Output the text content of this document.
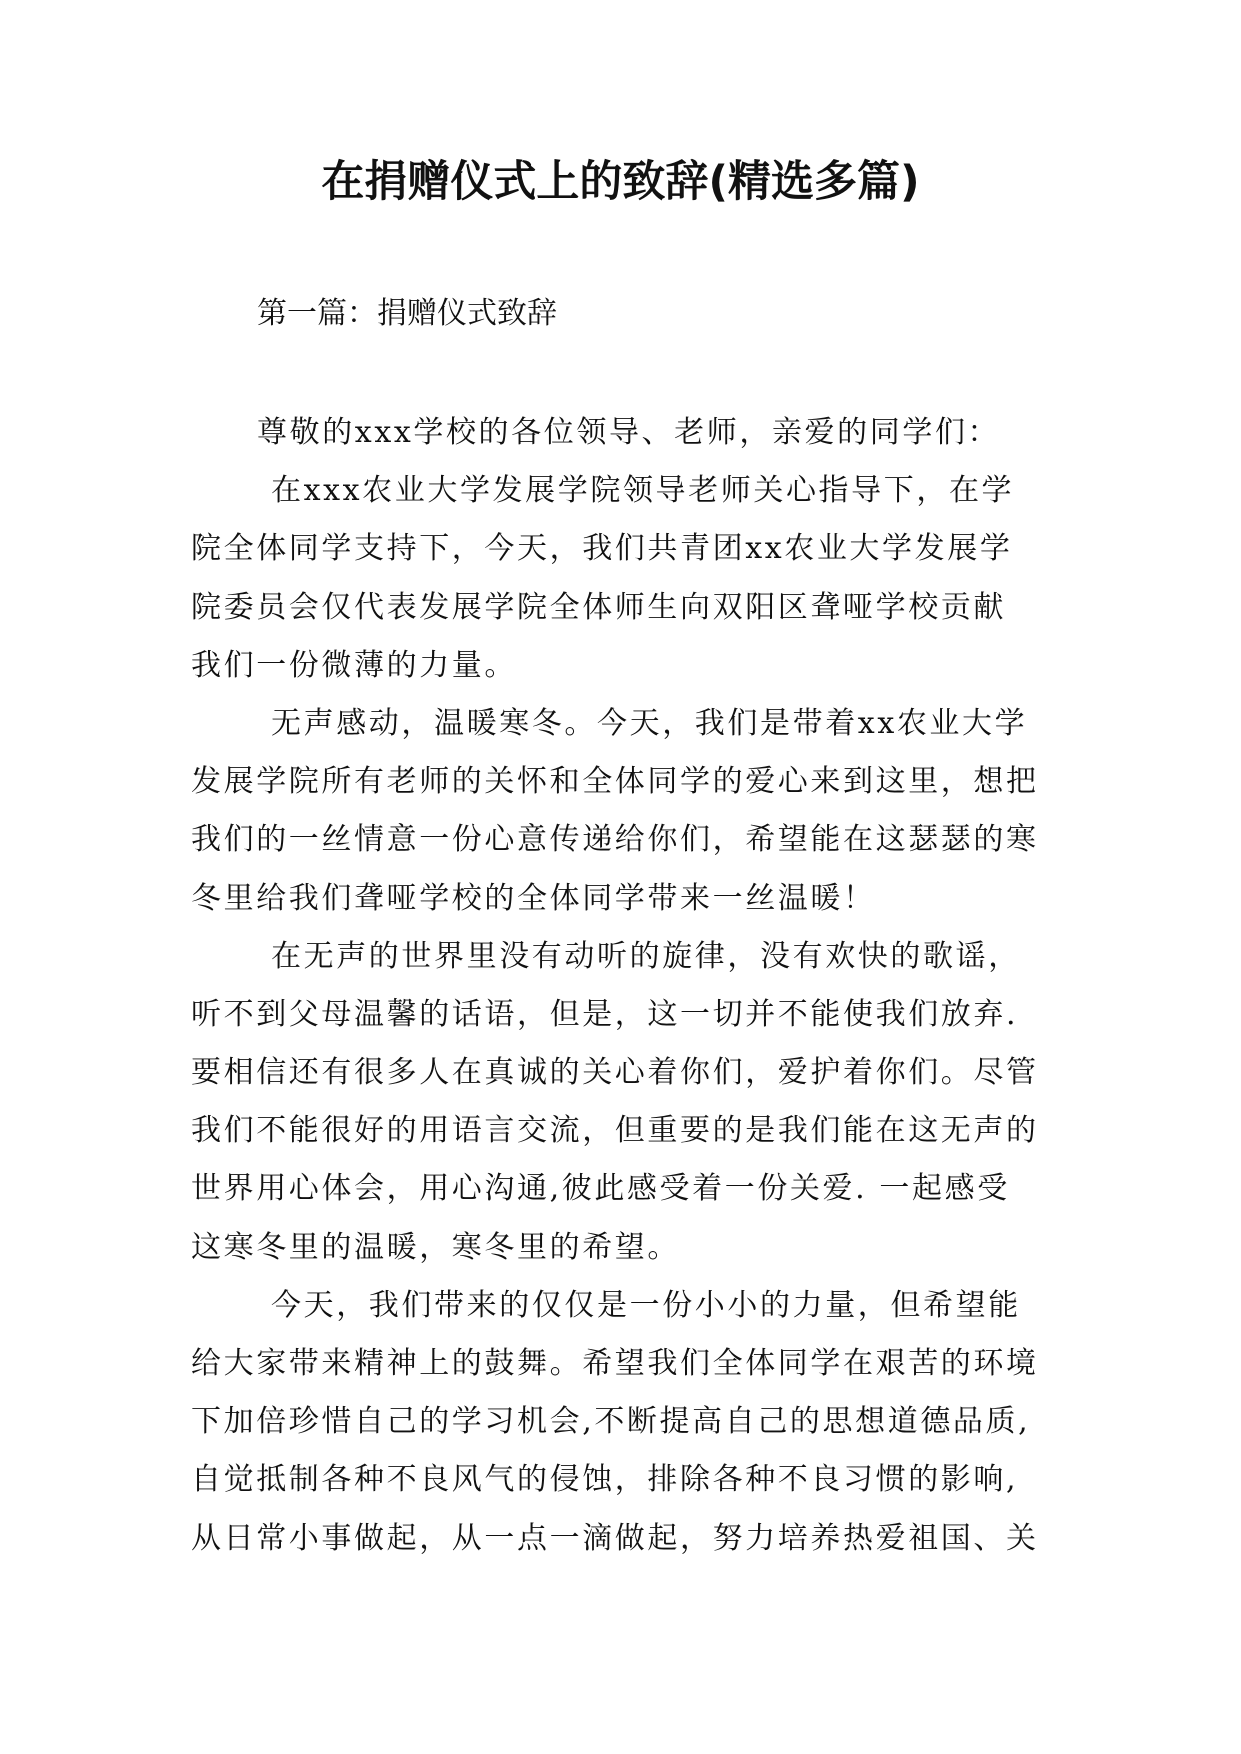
在捐赠仪式上的致辞(精选多篇)

第一篇：捐赠仪式致辞

尊敬的xxx学校的各位领导、老师，亲爱的同学们：
在xxx农业大学发展学院领导老师关心指导下，在学
院全体同学支持下，今天，我们共青团xx农业大学发展学
院委员会仅代表发展学院全体师生向双阳区聋哑学校贡献
我们一份微薄的力量。
无声感动，温暖寒冬。今天，我们是带着xx农业大学
发展学院所有老师的关怀和全体同学的爱心来到这里，想把
我们的一丝情意一份心意传递给你们，希望能在这瑟瑟的寒
冬里给我们聋哑学校的全体同学带来一丝温暖！
在无声的世界里没有动听的旋律，没有欢快的歌谣，
听不到父母温馨的话语，但是，这一切并不能使我们放弃.
要相信还有很多人在真诚的关心着你们，爱护着你们。尽管
我们不能很好的用语言交流，但重要的是我们能在这无声的
世界用心体会，用心沟通,彼此感受着一份关爱. 一起感受
这寒冬里的温暖，寒冬里的希望。
今天，我们带来的仅仅是一份小小的力量，但希望能
给大家带来精神上的鼓舞。希望我们全体同学在艰苦的环境
下加倍珍惜自己的学习机会,不断提高自己的思想道德品质,
自觉抵制各种不良风气的侵蚀，排除各种不良习惯的影响,
从日常小事做起，从一点一滴做起，努力培养热爱祖国、关
